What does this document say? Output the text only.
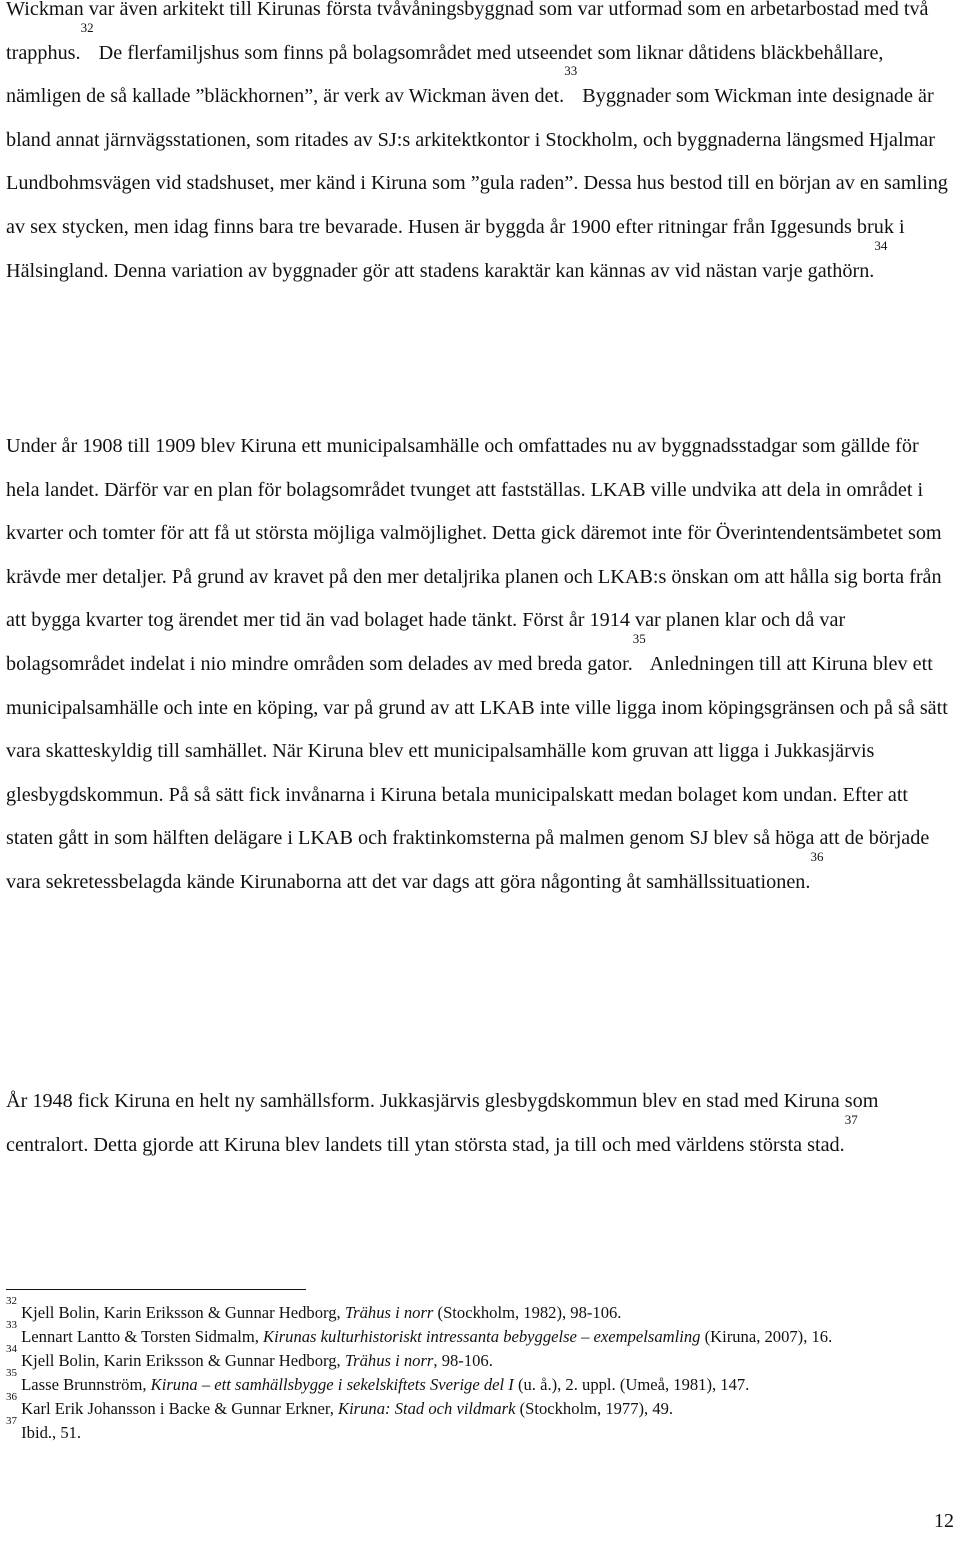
Wickman var även arkitekt till Kirunas första tvåvåningsbyggnad som var utformad som en arbetarbostad med två trapphus.$^{32}$ De flerfamiljshus som finns på bolagsområdet med utseendet som liknar dåtidens bläckbehållare, nämligen de så kallade ”bläckhornen”, är verk av Wickman även det.$^{33}$ Byggnader som Wickman inte designade är bland annat järnvägsstationen, som ritades av SJ:s arkitektkontor i Stockholm, och byggnaderna längsmed Hjalmar Lundbohmsvägen vid stadshuset, mer känd i Kiruna som ”gula raden”. Dessa hus bestod till en början av en samling av sex stycken, men idag finns bara tre bevarade. Husen är byggda år 1900 efter ritningar från Iggesunds bruk i Hälsingland. Denna variation av byggnader gör att stadens karaktär kan kännas av vid nästan varje gathörn.$^{34}$

Under år 1908 till 1909 blev Kiruna ett municipalsamhälle och omfattades nu av byggnadsstadgar som gällde för hela landet. Därför var en plan för bolagsområdet tvunget att fastställas. LKAB ville undvika att dela in området i kvarter och tomter för att få ut största möjliga valmöjlighet. Detta gick däremot inte för Överintendentsämbetet som krävde mer detaljer. På grund av kravet på den mer detaljrika planen och LKAB:s önskan om att hålla sig borta från att bygga kvarter tog ärendet mer tid än vad bolaget hade tänkt. Först år 1914 var planen klar och då var bolagsområdet indelat i nio mindre områden som delades av med breda gator.$^{35}$ Anledningen till att Kiruna blev ett municipalsamhälle och inte en köping, var på grund av att LKAB inte ville ligga inom köpingsgränsen och på så sätt vara skatteskyldig till samhället. När Kiruna blev ett municipalsamhälle kom gruvan att ligga i Jukkasjärvis glesbygdskommun. På så sätt fick invånarna i Kiruna betala municipalskatt medan bolaget kom undan. Efter att staten gått in som hälften delägare i LKAB och fraktinkomsterna på malmen genom SJ blev så höga att de började vara sekretessbelagda kände Kirunaborna att det var dags att göra någonting åt samhällssituationen.$^{36}$

År 1948 fick Kiruna en helt ny samhällsform. Jukkasjärvis glesbygdskommun blev en stad med Kiruna som centralort. Detta gjorde att Kiruna blev landets till ytan största stad, ja till och med världens största stad.$^{37}$

$^{32}$ Kjell Bolin, Karin Eriksson & Gunnar Hedborg, Trähus i norr (Stockholm, 1982), 98-106.

$^{33}$ Lennart Lantto & Torsten Sidmalm, Kirunas kulturhistoriskt intressanta bebyggelse – exempelsamling (Kiruna, 2007), 16.

$^{34}$ Kjell Bolin, Karin Eriksson & Gunnar Hedborg, Trähus i norr, 98-106.

$^{35}$ Lasse Brunnström, Kiruna – ett samhällsbygge i sekelskiftets Sverige del I (u. å.), 2. uppl. (Umeå, 1981), 147.

$^{36}$ Karl Erik Johansson i Backe & Gunnar Erkner, Kiruna: Stad och vildmark (Stockholm, 1977), 49.

$^{37}$ Ibid., 51.

12
